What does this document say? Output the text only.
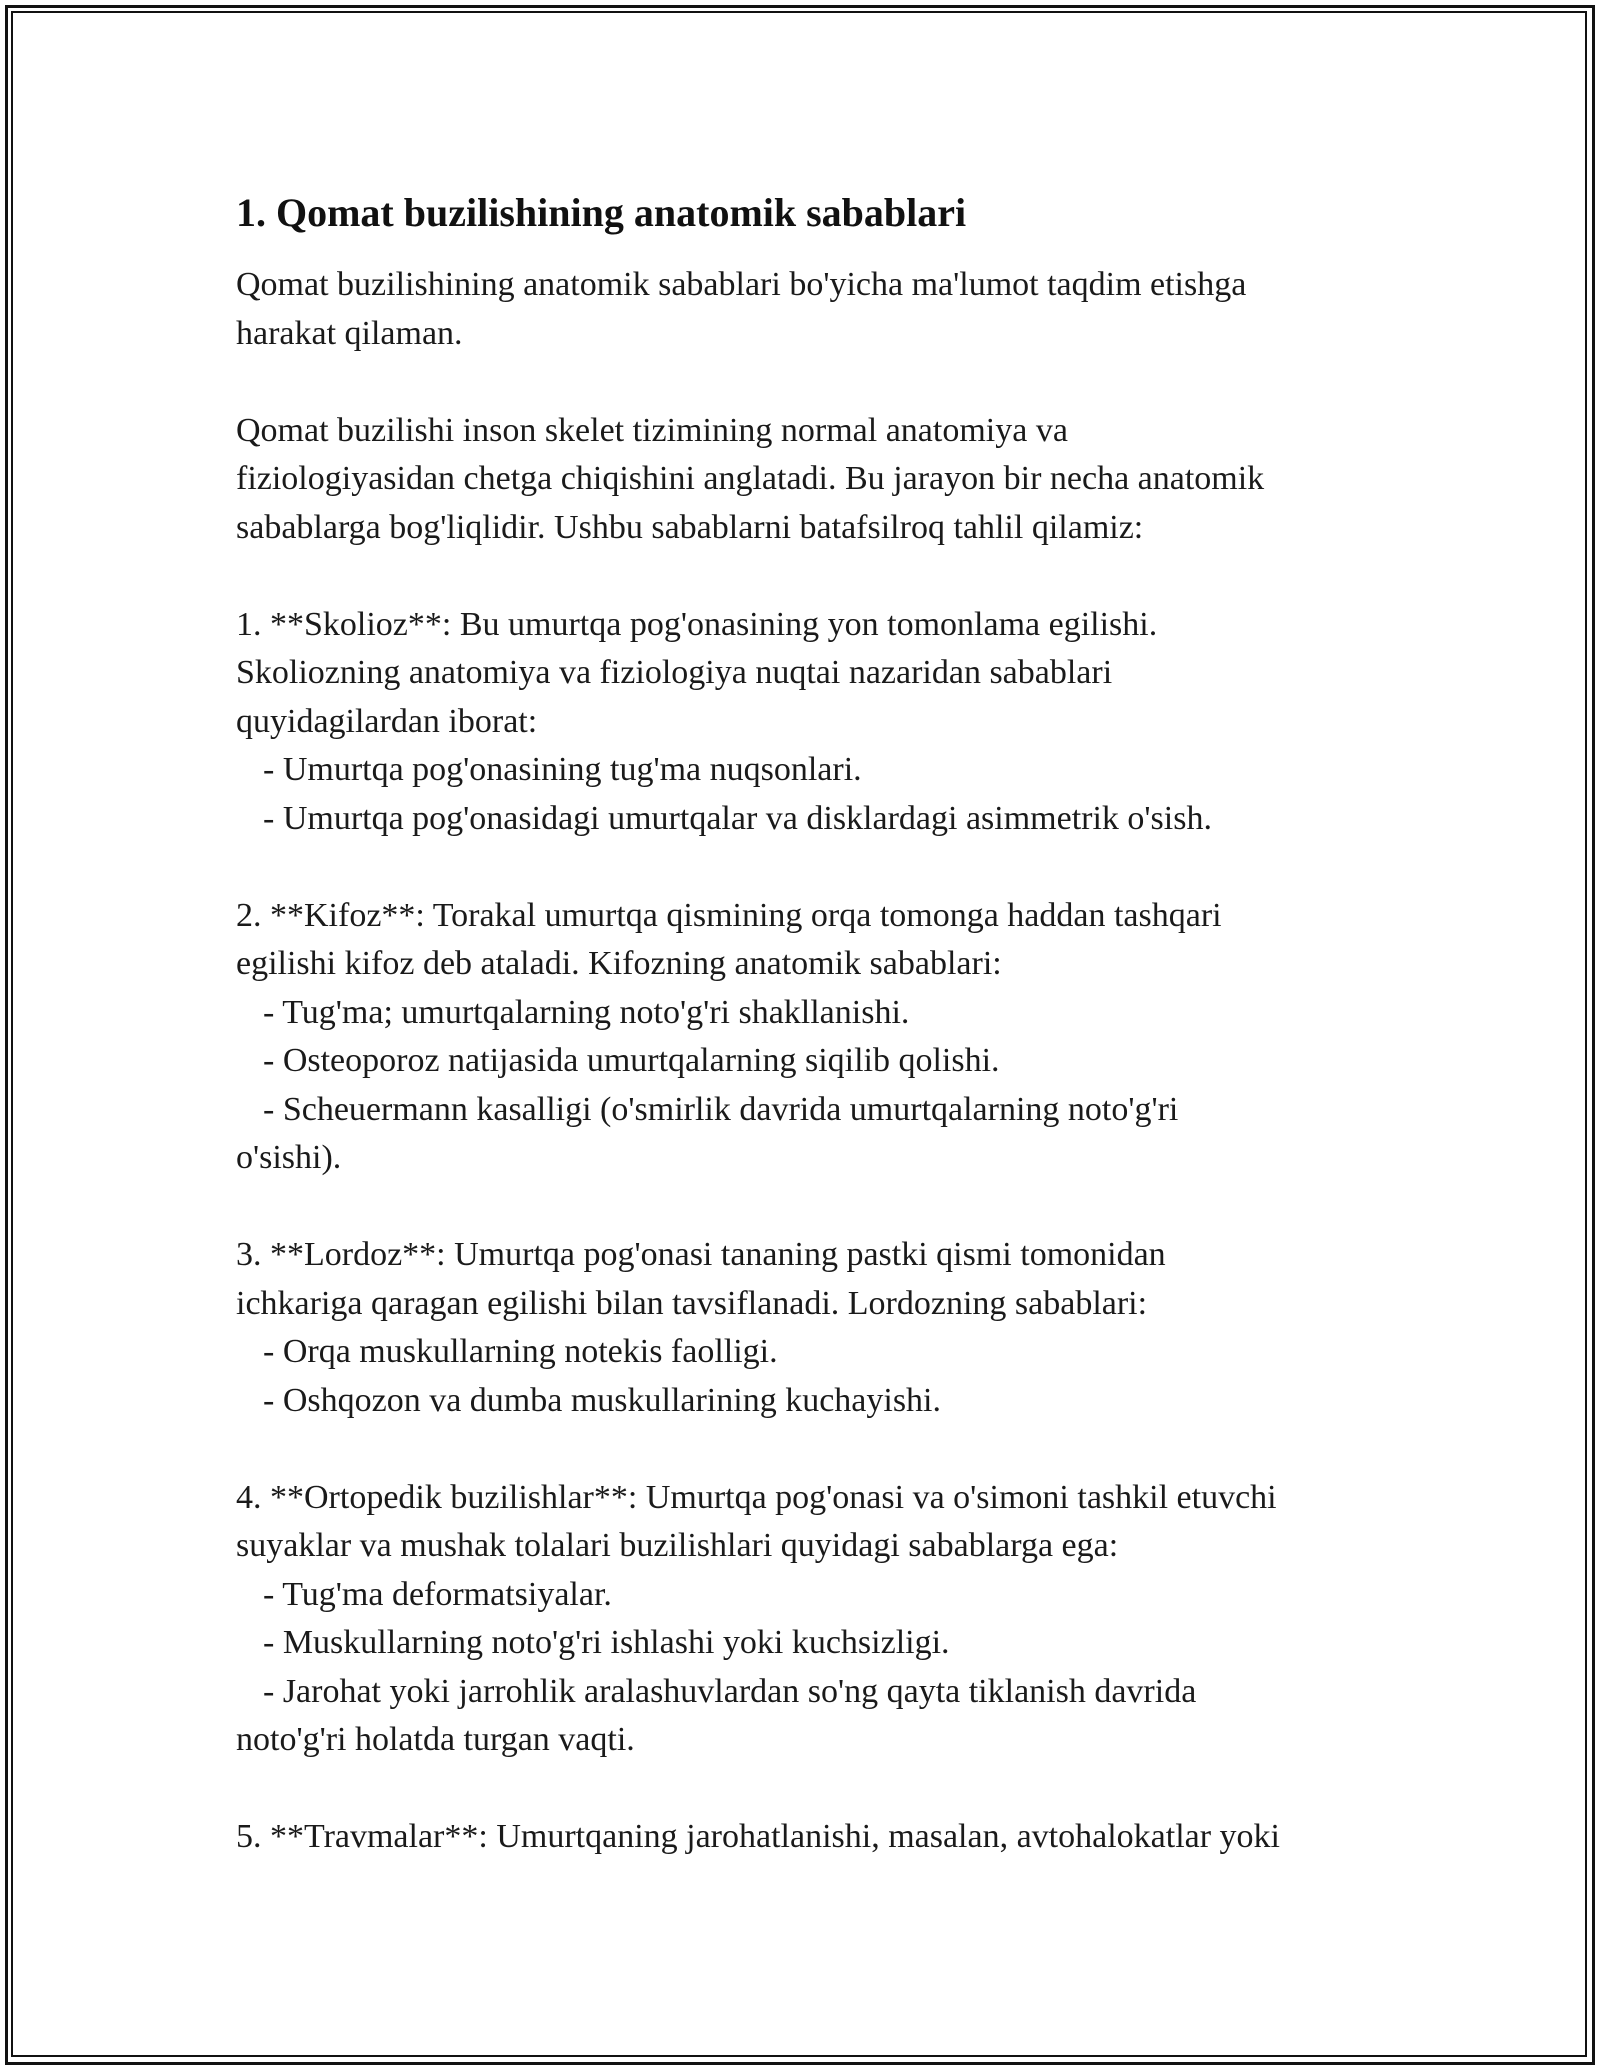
1. Qomat buzilishining anatomik sabablari

Qomat buzilishining anatomik sabablari bo'yicha ma'lumot taqdim etishga

harakat qilaman.

Qomat buzilishi inson skelet tizimining normal anatomiya va

fiziologiyasidan chetga chiqishini anglatadi. Bu jarayon bir necha anatomik

sabablarga bog'liqlidir. Ushbu sabablarni batafsilroq tahlil qilamiz:

1. **Skolioz**: Bu umurtqa pog'onasining yon tomonlama egilishi.

Skoliozning anatomiya va fiziologiya nuqtai nazaridan sabablari

quyidagilardan iborat:

- Umurtqa pog'onasining tug'ma nuqsonlari.

- Umurtqa pog'onasidagi umurtqalar va disklardagi asimmetrik o'sish.

2. **Kifoz**: Torakal umurtqa qismining orqa tomonga haddan tashqari

egilishi kifoz deb ataladi. Kifozning anatomik sabablari:

- Tug'ma; umurtqalarning noto'g'ri shakllanishi.

- Osteoporoz natijasida umurtqalarning siqilib qolishi.

- Scheuermann kasalligi (o'smirlik davrida umurtqalarning noto'g'ri

o'sishi).

3. **Lordoz**: Umurtqa pog'onasi tananing pastki qismi tomonidan

ichkariga qaragan egilishi bilan tavsiflanadi. Lordozning sabablari:

- Orqa muskullarning notekis faolligi.

- Oshqozon va dumba muskullarining kuchayishi.

4. **Ortopedik buzilishlar**: Umurtqa pog'onasi va o'simoni tashkil etuvchi

suyaklar va mushak tolalari buzilishlari quyidagi sabablarga ega:

- Tug'ma deformatsiyalar.

- Muskullarning noto'g'ri ishlashi yoki kuchsizligi.

- Jarohat yoki jarrohlik aralashuvlardan so'ng qayta tiklanish davrida

noto'g'ri holatda turgan vaqti.

5. **Travmalar**: Umurtqaning jarohatlanishi, masalan, avtohalokatlar yoki
